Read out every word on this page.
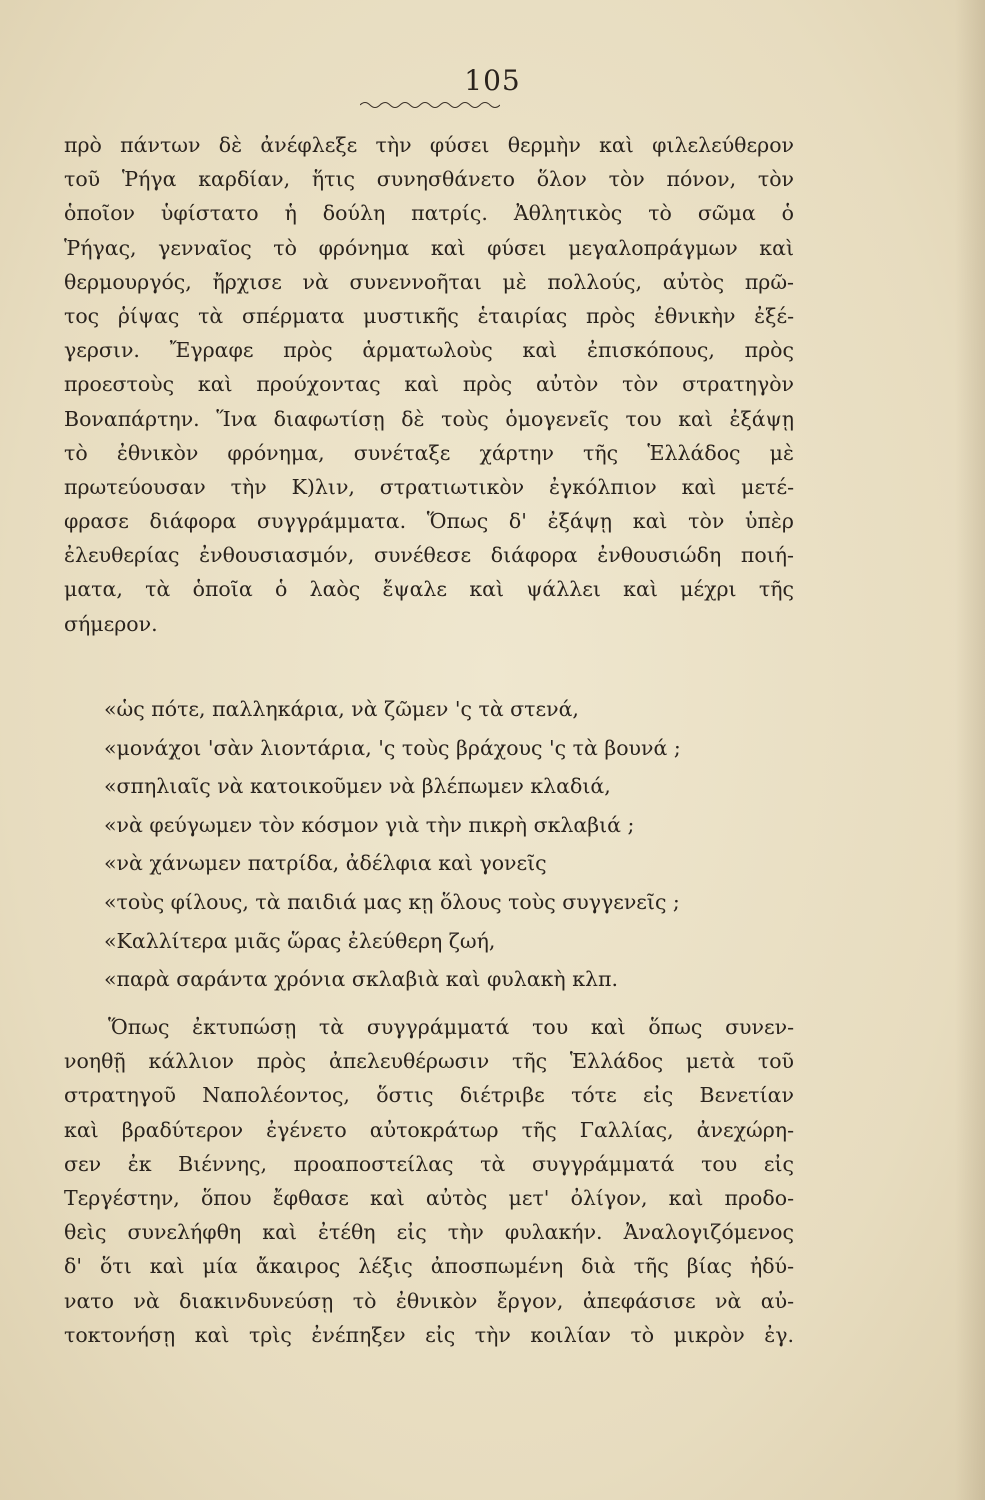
105
πρὸ πάντων δὲ ἀνέφλεξε τὴν φύσει θερμὴν καὶ φιλελεύθερον
τοῦ Ῥήγα καρδίαν, ἥτις συνησθάνετο ὅλον τὸν πόνον, τὸν
ὁποῖον ὑφίστατο ἡ δούλη πατρίς. Ἀθλητικὸς τὸ σῶμα ὁ
Ῥήγας, γενναῖος τὸ φρόνημα καὶ φύσει μεγαλοπράγμων καὶ
θερμουργός, ἤρχισε νὰ συνεννοῆται μὲ πολλούς, αὐτὸς πρῶ-
τος ῥίψας τὰ σπέρματα μυστικῆς ἑταιρίας πρὸς ἐθνικὴν ἐξέ-
γερσιν. Ἔγραφε πρὸς ἁρματωλοὺς καὶ ἐπισκόπους, πρὸς
προεστοὺς καὶ προύχοντας καὶ πρὸς αὐτὸν τὸν στρατηγὸν
Βοναπάρτην. Ἵνα διαφωτίσῃ δὲ τοὺς ὁμογενεῖς του καὶ ἐξάψῃ
τὸ ἐθνικὸν φρόνημα, συνέταξε χάρτην τῆς Ἑλλάδος μὲ
πρωτεύουσαν τὴν Κ)λιν, στρατιωτικὸν ἐγκόλπιον καὶ μετέ-
φρασε διάφορα συγγράμματα. Ὅπως δ' ἐξάψῃ καὶ τὸν ὑπὲρ
ἐλευθερίας ἐνθουσιασμόν, συνέθεσε διάφορα ἐνθουσιώδη ποιή-
ματα, τὰ ὁποῖα ὁ λαὸς ἔψαλε καὶ ψάλλει καὶ μέχρι τῆς
σήμερον.
«ὡς πότε, παλληκάρια, νὰ ζῶμεν 'ς τὰ στενά,
«μονάχοι 'σὰν λιοντάρια, 'ς τοὺς βράχους 'ς τὰ βουνά ;
«σπηλιαῖς νὰ κατοικοῦμεν νὰ βλέπωμεν κλαδιά,
«νὰ φεύγωμεν τὸν κόσμον γιὰ τὴν πικρὴ σκλαβιά ;
«νὰ χάνωμεν πατρίδα, ἀδέλφια καὶ γονεῖς
«τοὺς φίλους, τὰ παιδιά μας κῃ ὅλους τοὺς συγγενεῖς ;
«Καλλίτερα μιᾶς ὥρας ἐλεύθερη ζωή,
«παρὰ σαράντα χρόνια σκλαβιὰ καὶ φυλακὴ κλπ.
Ὅπως ἐκτυπώσῃ τὰ συγγράμματά του καὶ ὅπως συνεν-
νοηθῇ κάλλιον πρὸς ἀπελευθέρωσιν τῆς Ἑλλάδος μετὰ τοῦ
στρατηγοῦ Ναπολέοντος, ὅστις διέτριβε τότε εἰς Βενετίαν
καὶ βραδύτερον ἐγένετο αὐτοκράτωρ τῆς Γαλλίας, ἀνεχώρη-
σεν ἐκ Βιέννης, προαποστείλας τὰ συγγράμματά του εἰς
Τεργέστην, ὅπου ἔφθασε καὶ αὐτὸς μετ' ὀλίγον, καὶ προδο-
θεὶς συνελήφθη καὶ ἐτέθη εἰς τὴν φυλακήν. Ἀναλογιζόμενος
δ' ὅτι καὶ μία ἄκαιρος λέξις ἀποσπωμένη διὰ τῆς βίας ἠδύ-
νατο νὰ διακινδυνεύσῃ τὸ ἐθνικὸν ἔργον, ἀπεφάσισε νὰ αὐ-
τοκτονήσῃ καὶ τρὶς ἐνέπηξεν εἰς τὴν κοιλίαν τὸ μικρὸν ἐγ.
